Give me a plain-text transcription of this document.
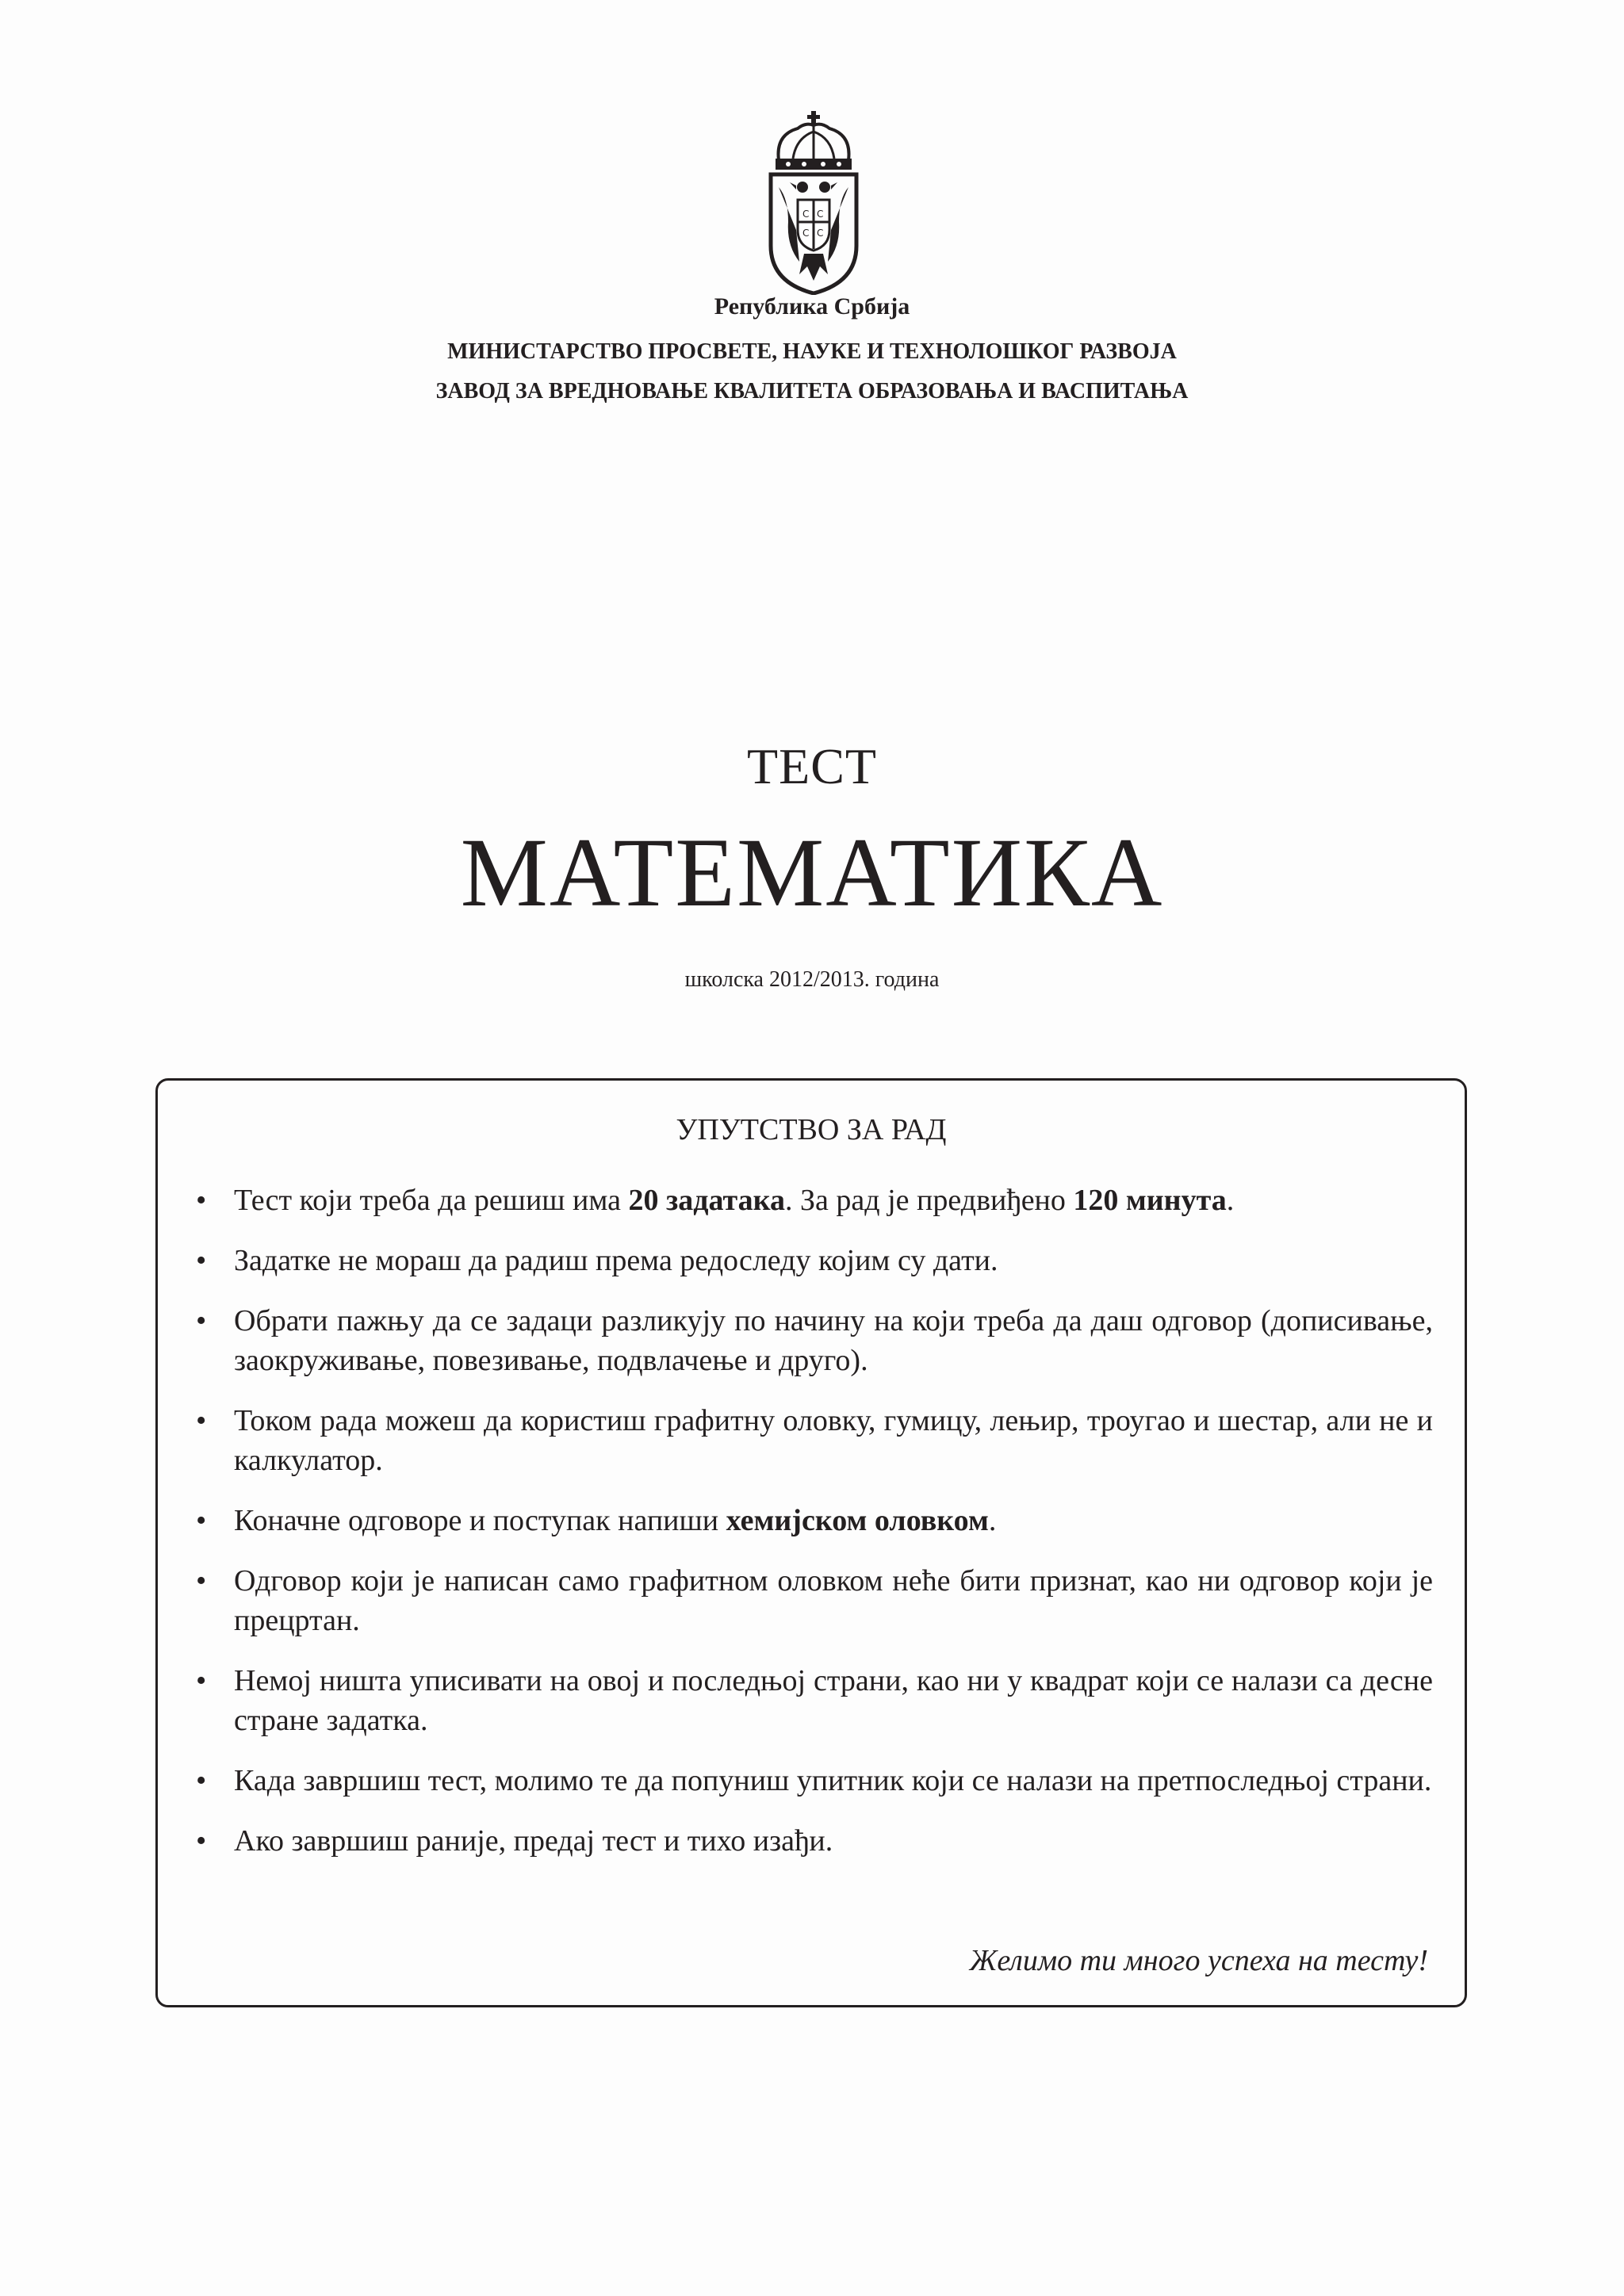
С С
С С
Република Србија
МИНИСТАРСТВО ПРОСВЕТЕ, НАУКЕ И ТЕХНОЛОШКОГ РАЗВОЈА
ЗАВОД ЗА ВРЕДНОВАЊЕ КВАЛИТЕТА ОБРАЗОВАЊА И ВАСПИТАЊА
ТЕСТ
МАТЕМАТИКА
школска 2012/2013. година
УПУТСТВО ЗА РАД
• Тест који треба да решиш има 20 задатака. За рад је предвиђено 120 минута.
• Задатке не мораш да радиш према редоследу којим су дати.
• Обрати пажњу да се задаци разликују по начину на који треба да даш одговор (дописивање, заокруживање, повезивање, подвлачење и друго).
• Током рада можеш да користиш графитну оловку, гумицу, лењир, троугао и шестар, али не и калкулатор.
• Коначне одговоре и поступак напиши хемијском оловком.
• Одговор који је написан само графитном оловком неће бити признат, као ни одговор који је прецртан.
• Немој ништа уписивати на овој и последњој страни, као ни у квадрат који се налази са десне стране задатка.
• Када завршиш тест, молимо те да попуниш упитник који се налази на претпоследњој страни.
• Ако завршиш раније, предај тест и тихо изађи.
Желимо ти много успеха на тесту!
